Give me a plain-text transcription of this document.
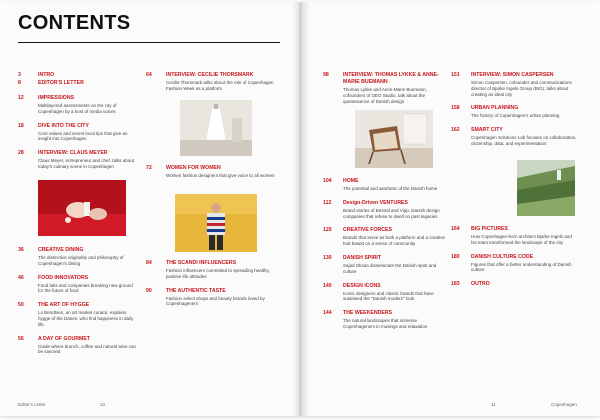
CONTENTS
3	INTRO
8	EDITOR'S LETTER
12	IMPRESSIONS
Multilayered assessments on the city of Copenhagen by a host of media voices
18	DIVE INTO THE CITY
Core values and secret local tips that give an insight into Copenhagen
28	INTERVIEW: CLAUS MEYER
Claus Meyer, entrepreneur and chef, talks about today's culinary scene in Copenhagen
36	CREATIVE DINING
The distinctive originality and philosophy of Copenhagen's dining
46	FOOD INNOVATORS
Food labs and companies breaking new ground for the future of food
50	THE ART OF HYGGE
Lo Bendtsen, an art market curator, explains hygge of the Danes, who find happiness in daily life
56	A DAY OF GOURMET
Guide where brunch, coffee and natural wine can be savored
64	INTERVIEW: CECILIE THORSMARK
Cecilie Thorsmark talks about the role of Copenhagen Fashion Week as a platform
72	WOMEN FOR WOMEN
Women fashion designers that give voice to all women
84	THE SCANDI INFLUENCERS
Fashion influencers committed to spreading healthy, positive life attitudes
90	THE AUTHENTIC TASTE
Fashion select shops and beauty brands loved by Copenhageners
Editor's Letter	10
98	INTERVIEW: THOMAS LYKKE & ANNE-MARIE BUEMANN
Thomas Lykke and Anne-Marie Buemann, cofounders of OEO Studio, talk about the quintessence of Danish design
104 HOME
The potential and aesthetic of the Danish home
112 Design-Driven VENTURES
Brand stories of Bestral and Vipp, Danish design companies that refuse to dwell on past legacies
120 CREATIVE FORCES
Brands that serve as both a platform and a creative hub based on a sense of community
130 DANISH SPIRIT
Sajad Oksaa disseminate the Danish spirit and culture
140 DESIGN ICONS
Iconic designers and classic brands that have sustained the "Danish modern" look
144 THE WEEKENDERS
The natural landscapes that immerse Copenhageners in musings and relaxation
151 INTERVIEW: SIMON CASPERSEN
Simon Caspersen, cofounder and communications director of Bjarke Ingels Group (BIG), talks about creating an ideal city
158 URBAN PLANNING
The history of Copenhagen's urban planning
162 SMART CITY
Copenhagen Solutions Lab focuses on collaboration, citizenship, data, and experimentation
164 BIG PICTURES
How Copenhagen-born architect Bjarke Ingels and his team transformed the landscape of the city
180 DANISH CULTURE CODE
Figures that offer a better understanding of Danish culture
183 OUTRO
11	Copenhagen
